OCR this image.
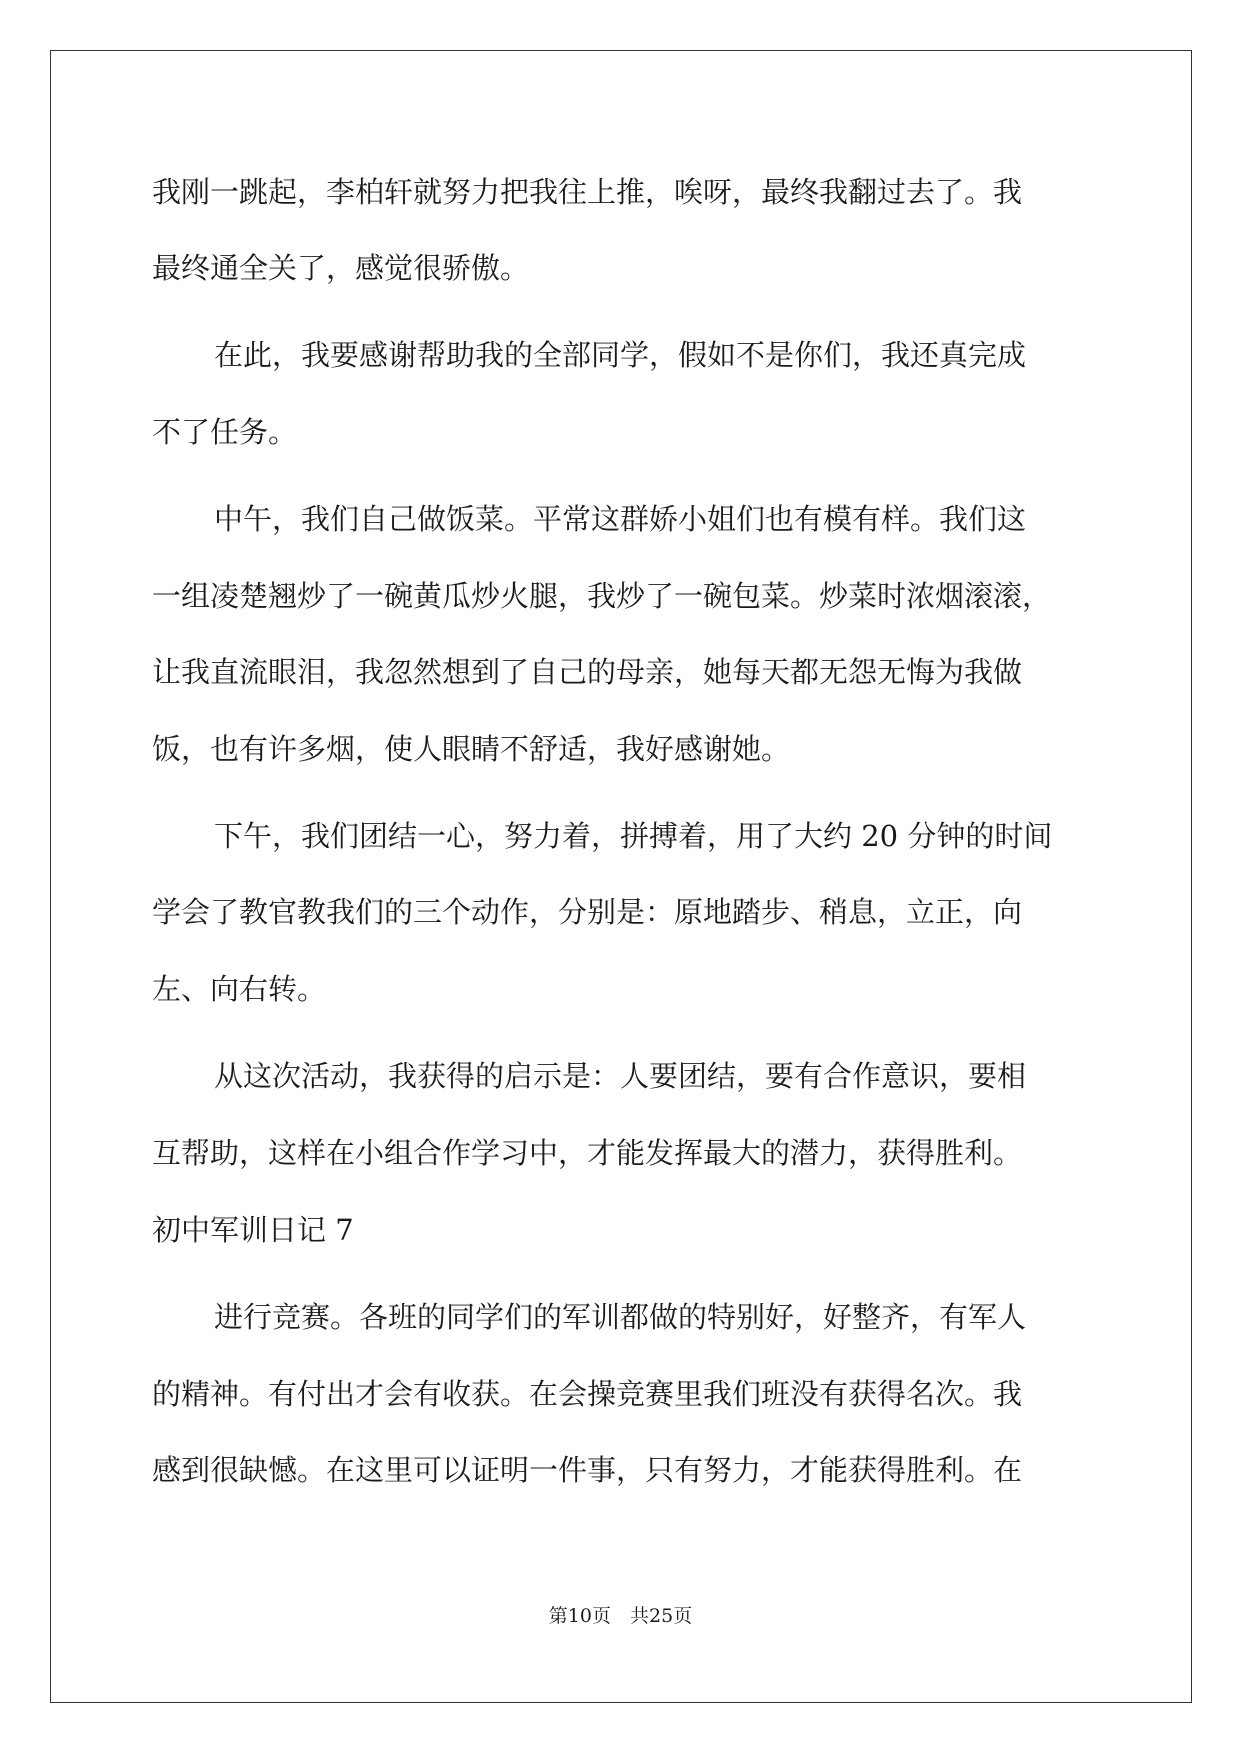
我刚一跳起，李柏轩就努力把我往上推，唉呀，最终我翻过去了。我

最终通全关了，感觉很骄傲。

在此，我要感谢帮助我的全部同学，假如不是你们，我还真完成

不了任务。

中午，我们自己做饭菜。平常这群娇小姐们也有模有样。我们这

一组凌楚翘炒了一碗黄瓜炒火腿，我炒了一碗包菜。炒菜时浓烟滚滚，

让我直流眼泪，我忽然想到了自己的母亲，她每天都无怨无悔为我做

饭，也有许多烟，使人眼睛不舒适，我好感谢她。

下午，我们团结一心，努力着，拼搏着，用了大约 20 分钟的时间

学会了教官教我们的三个动作，分别是：原地踏步、稍息，立正，向

左、向右转。

从这次活动，我获得的启示是：人要团结，要有合作意识，要相

互帮助，这样在小组合作学习中，才能发挥最大的潜力，获得胜利。

初中军训日记 7

进行竞赛。各班的同学们的军训都做的特别好，好整齐，有军人

的精神。有付出才会有收获。在会操竞赛里我们班没有获得名次。我

感到很缺憾。在这里可以证明一件事，只有努力，才能获得胜利。在

第10页　共25页
